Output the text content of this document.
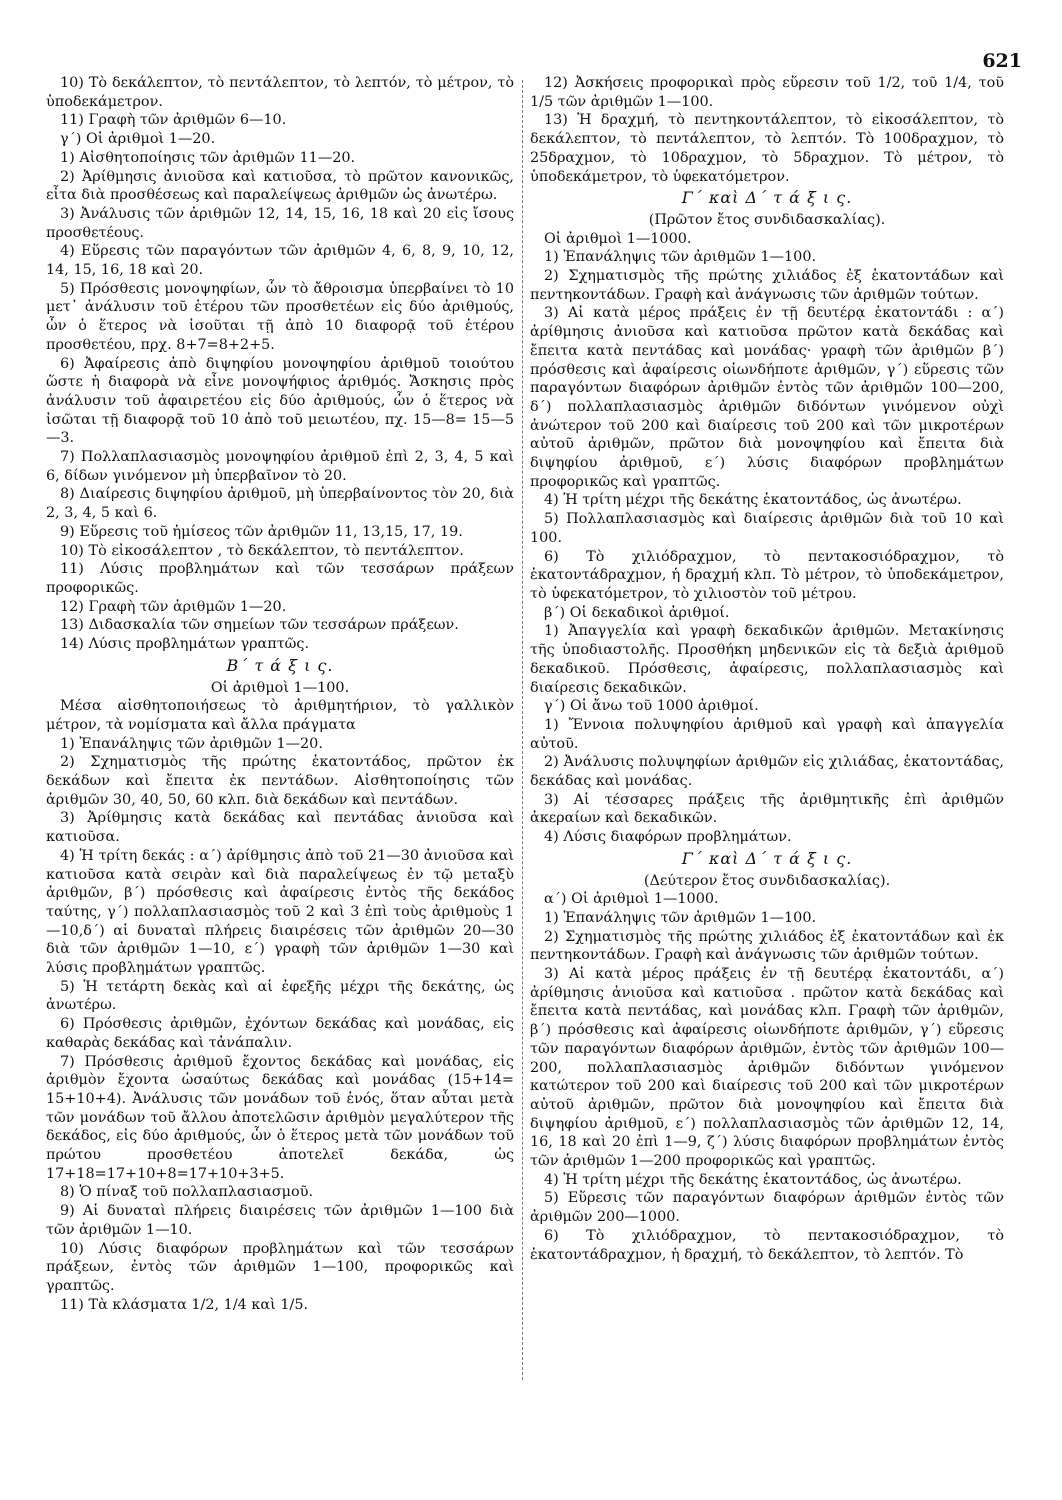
621

10) Τὸ δεκάλεπτον, τὸ πεντάλεπτον, τὸ λεπτόν, τὸ μέτρον, τὸ ὑποδεκάμετρον.

11) Γραφὴ τῶν ἀριθμῶν 6—10.

γ΄) Οἱ ἀριθμοὶ 1—20.

1) Αἰσθητοποίησις τῶν ἀριθμῶν 11—20.

2) Ἀρίθμησις ἀνιοῦσα καὶ κατιοῦσα, τὸ πρῶτον κανονικῶς, εἶτα διὰ προσθέσεως καὶ παραλείψεως ἀριθμῶν ὡς ἀνωτέρω.

3) Ἀνάλυσις τῶν ἀριθμῶν 12, 14, 15, 16, 18 καὶ 20 εἰς ἴσους προσθετέους.

4) Εὕρεσις τῶν παραγόντων τῶν ἀριθμῶν 4, 6, 8, 9, 10, 12, 14, 15, 16, 18 καὶ 20.

5) Πρόσθεσις μονοψηφίων, ὧν τὸ ἄθροισμα ὑπερβαίνει τὸ 10 μετ᾽ ἀνάλυσιν τοῦ ἑτέρου τῶν προσθετέων εἰς δύο ἀριθμούς, ὧν ὁ ἕτερος νὰ ἰσοῦται τῇ ἀπὸ 10 διαφορᾷ τοῦ ἑτέρου προσθετέου, πρχ. 8+7=8+2+5.

6) Ἀφαίρεσις ἀπὸ διψηφίου μονοψηφίου ἀριθμοῦ τοιούτου ὥστε ἡ διαφορὰ νὰ εἶνε μονοψήφιος ἀριθμός. Ἄσκησις πρὸς ἀνάλυσιν τοῦ ἀφαιρετέου εἰς δύο ἀριθμούς, ὧν ὁ ἕτερος νὰ ἰσῶται τῇ διαφορᾷ τοῦ 10 ἀπὸ τοῦ μειωτέου, πχ. 15—8= 15—5—3.

7) Πολλαπλασιασμὸς μονοψηφίου ἀριθμοῦ ἐπὶ 2, 3, 4, 5 καὶ 6, δίδων γινόμενον μὴ ὑπερβαῖνον τὸ 20.

8) Διαίρεσις διψηφίου ἀριθμοῦ, μὴ ὑπερβαίνοντος τὸν 20, διὰ 2, 3, 4, 5 καὶ 6.

9) Εὕρεσις τοῦ ἡμίσεος τῶν ἀριθμῶν 11, 13,15, 17, 19.

10) Τὸ εἰκοσάλεπτον , τὸ δεκάλεπτον, τὸ πεντάλεπτον.

11) Λύσις προβλημάτων καὶ τῶν τεσσάρων πράξεων προφορικῶς.

12) Γραφὴ τῶν ἀριθμῶν 1—20.

13) Διδασκαλία τῶν σημείων τῶν τεσσάρων πράξεων.

14) Λύσις προβλημάτων γραπτῶς.

Β΄ τ ά ξ ι ς.

Οἱ ἀριθμοὶ 1—100.

Μέσα αἰσθητοποιήσεως τὸ ἀριθμητήριον, τὸ γαλλικὸν μέτρον, τὰ νομίσματα καὶ ἄλλα πράγματα

1) Ἐπανάληψις τῶν ἀριθμῶν 1—20.

2) Σχηματισμὸς τῆς πρώτης ἑκατοντάδος, πρῶτον ἐκ δεκάδων καὶ ἔπειτα ἐκ πεντάδων. Αἰσθητοποίησις τῶν ἀριθμῶν 30, 40, 50, 60 κλπ. διὰ δεκάδων καὶ πεντάδων.

3) Ἀρίθμησις κατὰ δεκάδας καὶ πεντάδας ἀνιοῦσα καὶ κατιοῦσα.

4) Ἡ τρίτη δεκάς : α΄) ἀρίθμησις ἀπὸ τοῦ 21—30 ἀνιοῦσα καὶ κατιοῦσα κατὰ σειρὰν καὶ διὰ παραλείψεως ἐν τῷ μεταξὺ ἀριθμῶν, β΄) πρόσθεσις καὶ ἀφαίρεσις ἐντὸς τῆς δεκάδος ταύτης, γ΄) πολλαπλασιασμὸς τοῦ 2 καὶ 3 ἐπὶ τοὺς ἀριθμοὺς 1—10,δ΄) αἱ δυναταὶ πλήρεις διαιρέσεις τῶν ἀριθμῶν 20—30 διὰ τῶν ἀριθμῶν 1—10, ε΄) γραφὴ τῶν ἀριθμῶν 1—30 καὶ λύσις προβλημάτων γραπτῶς.

5) Ἡ τετάρτη δεκὰς καὶ αἱ ἐφεξῆς μέχρι τῆς δεκάτης, ὡς ἀνωτέρω.

6) Πρόσθεσις ἀριθμῶν, ἐχόντων δεκάδας καὶ μονάδας, εἰς καθαρὰς δεκάδας καὶ τἀνάπαλιν.

7) Πρόσθεσις ἀριθμοῦ ἔχοντος δεκάδας καὶ μονάδας, εἰς ἀριθμὸν ἔχοντα ὡσαύτως δεκάδας καὶ μονάδας (15+14= 15+10+4). Ἀνάλυσις τῶν μονάδων τοῦ ἑνός, ὅταν αὗται μετὰ τῶν μονάδων τοῦ ἄλλου ἀποτελῶσιν ἀριθμὸν μεγαλύτερον τῆς δεκάδος, εἰς δύο ἀριθμούς, ὧν ὁ ἕτερος μετὰ τῶν μονάδων τοῦ πρώτου προσθετέου ἀποτελεῖ δεκάδα, ὡς 17+18=17+10+8=17+10+3+5.

8) Ὁ πίναξ τοῦ πολλαπλασιασμοῦ.

9) Αἱ δυναταὶ πλήρεις διαιρέσεις τῶν ἀριθμῶν 1—100 διὰ τῶν ἀριθμῶν 1—10.

10) Λύσις διαφόρων προβλημάτων καὶ τῶν τεσσάρων πράξεων, ἐντὸς τῶν ἀριθμῶν 1—100, προφορικῶς καὶ γραπτῶς.

11) Τὰ κλάσματα 1/2, 1/4 καὶ 1/5.

12) Ἀσκήσεις προφορικαὶ πρὸς εὕρεσιν τοῦ 1/2, τοῦ 1/4, τοῦ 1/5 τῶν ἀριθμῶν 1—100.

13) Ἡ δραχμή, τὸ πεντηκοντάλεπτον, τὸ εἰκοσάλεπτον, τὸ δεκάλεπτον, τὸ πεντάλεπτον, τὸ λεπτόν. Τὸ 100δραχμον, τὸ 25δραχμον, τὸ 10δραχμον, τὸ 5δραχμον. Τὸ μέτρον, τὸ ὑποδεκάμετρον, τὸ ὑφεκατόμετρον.

Γ΄ καὶ Δ΄ τ ά ξ ι ς.

(Πρῶτον ἔτος συνδιδασκαλίας).

Οἱ ἀριθμοὶ 1—1000.

1) Ἐπανάληψις τῶν ἀριθμῶν 1—100.

2) Σχηματισμὸς τῆς πρώτης χιλιάδος ἐξ ἑκατοντάδων καὶ πεντηκοντάδων. Γραφὴ καὶ ἀνάγνωσις τῶν ἀριθμῶν τούτων.

3) Αἱ κατὰ μέρος πράξεις ἐν τῇ δευτέρᾳ ἑκατοντάδι : α΄) ἀρίθμησις ἀνιοῦσα καὶ κατιοῦσα πρῶτον κατὰ δεκάδας καὶ ἔπειτα κατὰ πεντάδας καὶ μονάδας· γραφὴ τῶν ἀριθμῶν β΄) πρόσθεσις καὶ ἀφαίρεσις οἱωνδήποτε ἀριθμῶν, γ΄) εὕρεσις τῶν παραγόντων διαφόρων ἀριθμῶν ἐντὸς τῶν ἀριθμῶν 100—200, δ΄) πολλαπλασιασμὸς ἀριθμῶν διδόντων γινόμενον οὐχὶ ἀνώτερον τοῦ 200 καὶ διαίρεσις τοῦ 200 καὶ τῶν μικροτέρων αὐτοῦ ἀριθμῶν, πρῶτον διὰ μονοψηφίου καὶ ἔπειτα διὰ διψηφίου ἀριθμοῦ, ε΄) λύσις διαφόρων προβλημάτων προφορικῶς καὶ γραπτῶς.

4) Ἡ τρίτη μέχρι τῆς δεκάτης ἑκατοντάδος, ὡς ἀνωτέρω.

5) Πολλαπλασιασμὸς καὶ διαίρεσις ἀριθμῶν διὰ τοῦ 10 καὶ 100.

6) Τὸ χιλιόδραχμον, τὸ πεντακοσιόδραχμον, τὸ ἑκατοντάδραχμον, ἡ δραχμή κλπ. Τὸ μέτρον, τὸ ὑποδεκάμετρον, τὸ ὑφεκατόμετρον, τὸ χιλιοστὸν τοῦ μέτρου.

β΄) Οἱ δεκαδικοὶ ἀριθμοί.

1) Ἀπαγγελία καὶ γραφὴ δεκαδικῶν ἀριθμῶν. Μετακίνησις τῆς ὑποδιαστολῆς. Προσθήκη μηδενικῶν εἰς τὰ δεξιὰ ἀριθμοῦ δεκαδικοῦ. Πρόσθεσις, ἀφαίρεσις, πολλαπλασιασμὸς καὶ διαίρεσις δεκαδικῶν.

γ΄) Οἱ ἄνω τοῦ 1000 ἀριθμοί.

1) Ἔννοια πολυψηφίου ἀριθμοῦ καὶ γραφὴ καὶ ἀπαγγελία αὐτοῦ.

2) Ἀνάλυσις πολυψηφίων ἀριθμῶν εἰς χιλιάδας, ἑκατοντάδας, δεκάδας καὶ μονάδας.

3) Αἱ τέσσαρες πράξεις τῆς ἀριθμητικῆς ἐπὶ ἀριθμῶν ἀκεραίων καὶ δεκαδικῶν.

4) Λύσις διαφόρων προβλημάτων.

Γ΄ καὶ Δ΄ τ ά ξ ι ς.

(Δεύτερον ἔτος συνδιδασκαλίας).

α΄) Οἱ ἀριθμοὶ 1—1000.

1) Ἐπανάληψις τῶν ἀριθμῶν 1—100.

2) Σχηματισμὸς τῆς πρώτης χιλιάδος ἐξ ἑκατοντάδων καὶ ἐκ πεντηκοντάδων. Γραφὴ καὶ ἀνάγνωσις τῶν ἀριθμῶν τούτων.

3) Αἱ κατὰ μέρος πράξεις ἐν τῇ δευτέρᾳ ἑκατοντάδι, α΄) ἀρίθμησις ἀνιοῦσα καὶ κατιοῦσα . πρῶτον κατὰ δεκάδας καὶ ἔπειτα κατὰ πεντάδας, καὶ μονάδας κλπ. Γραφὴ τῶν ἀριθμῶν, β΄) πρόσθεσις καὶ ἀφαίρεσις οἱωνδήποτε ἀριθμῶν, γ΄) εὕρεσις τῶν παραγόντων διαφόρων ἀριθμῶν, ἐντὸς τῶν ἀριθμῶν 100—200, πολλαπλασιασμὸς ἀριθμῶν διδόντων γινόμενον κατώτερον τοῦ 200 καὶ διαίρεσις τοῦ 200 καὶ τῶν μικροτέρων αὐτοῦ ἀριθμῶν, πρῶτον διὰ μονοψηφίου καὶ ἔπειτα διὰ διψηφίου ἀριθμοῦ, ε΄) πολλαπλασιασμὸς τῶν ἀριθμῶν 12, 14, 16, 18 καὶ 20 ἐπὶ 1—9, ζ΄) λύσις διαφόρων προβλημάτων ἐντὸς τῶν ἀριθμῶν 1—200 προφορικῶς καὶ γραπτῶς.

4) Ἡ τρίτη μέχρι τῆς δεκάτης ἑκατοντάδος, ὡς ἀνωτέρω.

5) Εὕρεσις τῶν παραγόντων διαφόρων ἀριθμῶν ἐντὸς τῶν ἀριθμῶν 200—1000.

6) Τὸ χιλιόδραχμον, τὸ πεντακοσιόδραχμον, τὸ ἑκατοντάδραχμον, ἡ δραχμή, τὸ δεκάλεπτον, τὸ λεπτόν. Τὸ
